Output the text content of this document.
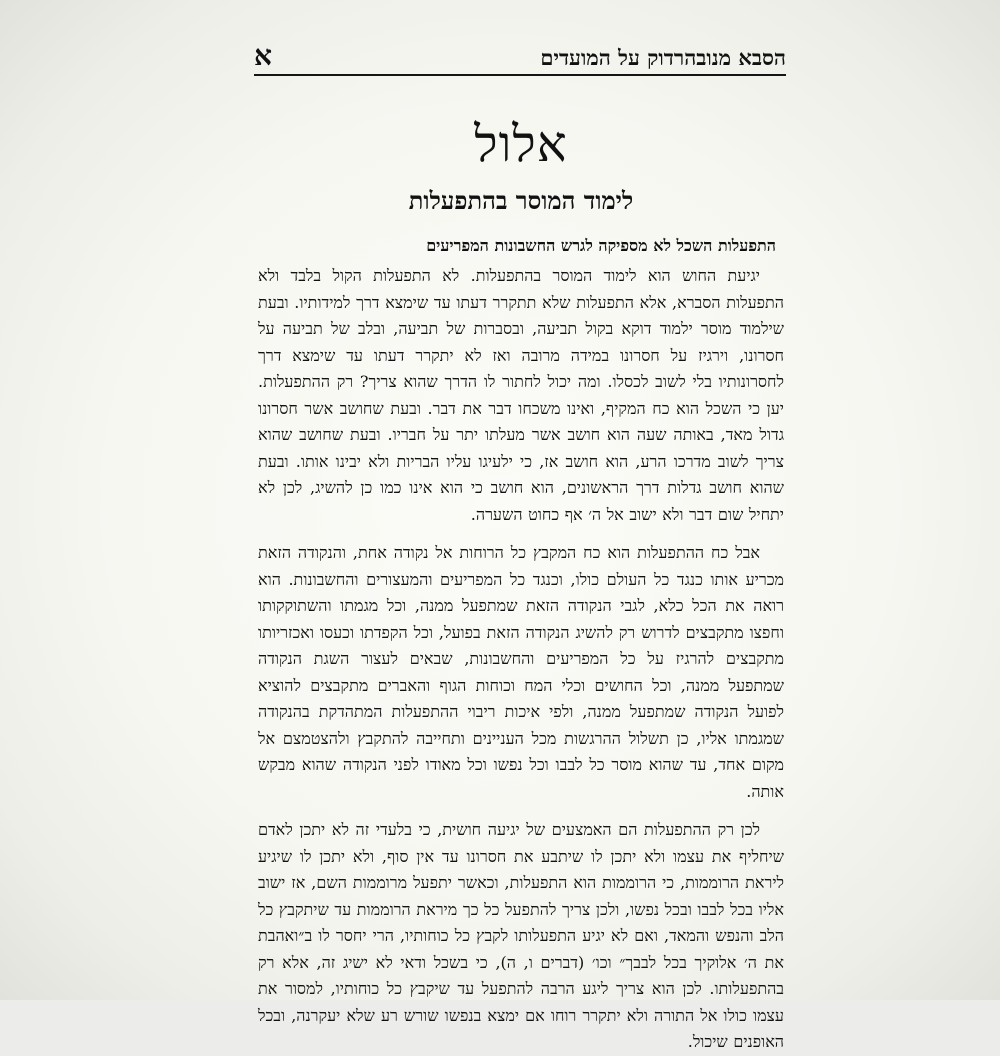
הסבא מנובהרדוק על המועדים
א
אלול
לימוד המוסר בהתפעלות
התפעלות השכל לא מספיקה לגרש החשבונות המפריעים

יגיעת החוש הוא לימוד המוסר בהתפעלות. לא התפעלות הקול בלבד ולא התפעלות הסברא, אלא התפעלות שלא תתקרר דעתו עד שימצא דרך למידותיו. ובעת שילמוד מוסר ילמוד דוקא בקול תביעה, ובסברות של תביעה, ובלב של תביעה על חסרונו, וירגיז על חסרונו במידה מרובה ואז לא יתקרר דעתו עד שימצא דרך לחסרונותיו בלי לשוב לכסלו. ומה יכול לחתור לו הדרך שהוא צריך? רק ההתפעלות. יען כי השכל הוא כח המקיף, ואינו משכחו דבר את דבר. ובעת שחושב אשר חסרונו גדול מאד, באותה שעה הוא חושב אשר מעלתו יתר על חבריו. ובעת שחושב שהוא צריך לשוב מדרכו הרע, הוא חושב אז, כי ילעיגו עליו הבריות ולא יבינו אותו. ובעת שהוא חושב גדלות דרך הראשונים, הוא חושב כי הוא אינו כמו כן להשיג, לכן לא יתחיל שום דבר ולא ישוב אל ה׳ אף כחוט השערה.

אבל כח ההתפעלות הוא כח המקבץ כל הרוחות אל נקודה אחת, והנקודה הזאת מכריע אותו כנגד כל העולם כולו, וכנגד כל המפריעים והמעצורים והחשבונות. הוא רואה את הכל כלא, לגבי הנקודה הזאת שמתפעל ממנה, וכל מגמתו והשתוקקותו וחפצו מתקבצים לדרוש רק להשיג הנקודה הזאת בפועל, וכל הקפדתו וכעסו ואכזריותו מתקבצים להרגיז על כל המפריעים והחשבונות, שבאים לעצור השגת הנקודה שמתפעל ממנה, וכל החושים וכלי המח וכוחות הגוף והאברים מתקבצים להוציא לפועל הנקודה שמתפעל ממנה, ולפי איכות ריבוי ההתפעלות המתהדקת בהנקודה שמגמתו אליו, כן תשלול ההרגשות מכל העניינים ותחייבה להתקבץ ולהצטמצם אל מקום אחד, עד שהוא מוסר כל לבבו וכל נפשו וכל מאודו לפני הנקודה שהוא מבקש אותה.

לכן רק ההתפעלות הם האמצעים של יגיעה חושית, כי בלעדי זה לא יתכן לאדם שיחליף את עצמו ולא יתכן לו שיתבע את חסרונו עד אין סוף, ולא יתכן לו שיגיע ליראת הרוממות, כי הרוממות הוא התפעלות, וכאשר יתפעל מרוממות השם, אז ישוב אליו בכל לבבו ובכל נפשו, ולכן צריך להתפעל כל כך מיראת הרוממות עד שיתקבץ כל הלב והנפש והמאד, ואם לא יגיע התפעלותו לקבץ כל כוחותיו, הרי יחסר לו ב״ואהבת את ה׳ אלוקיך בכל לבבך״ וכו׳ (דברים ו, ה), כי בשכל ודאי לא ישיג זה, אלא רק בהתפעלותו. לכן הוא צריך ליגע הרבה להתפעל עד שיקבץ כל כוחותיו, למסור את עצמו כולו אל התורה ולא יתקרר רוחו אם ימצא בנפשו שורש רע שלא יעקרנה, ובכל האופנים שיכול.
